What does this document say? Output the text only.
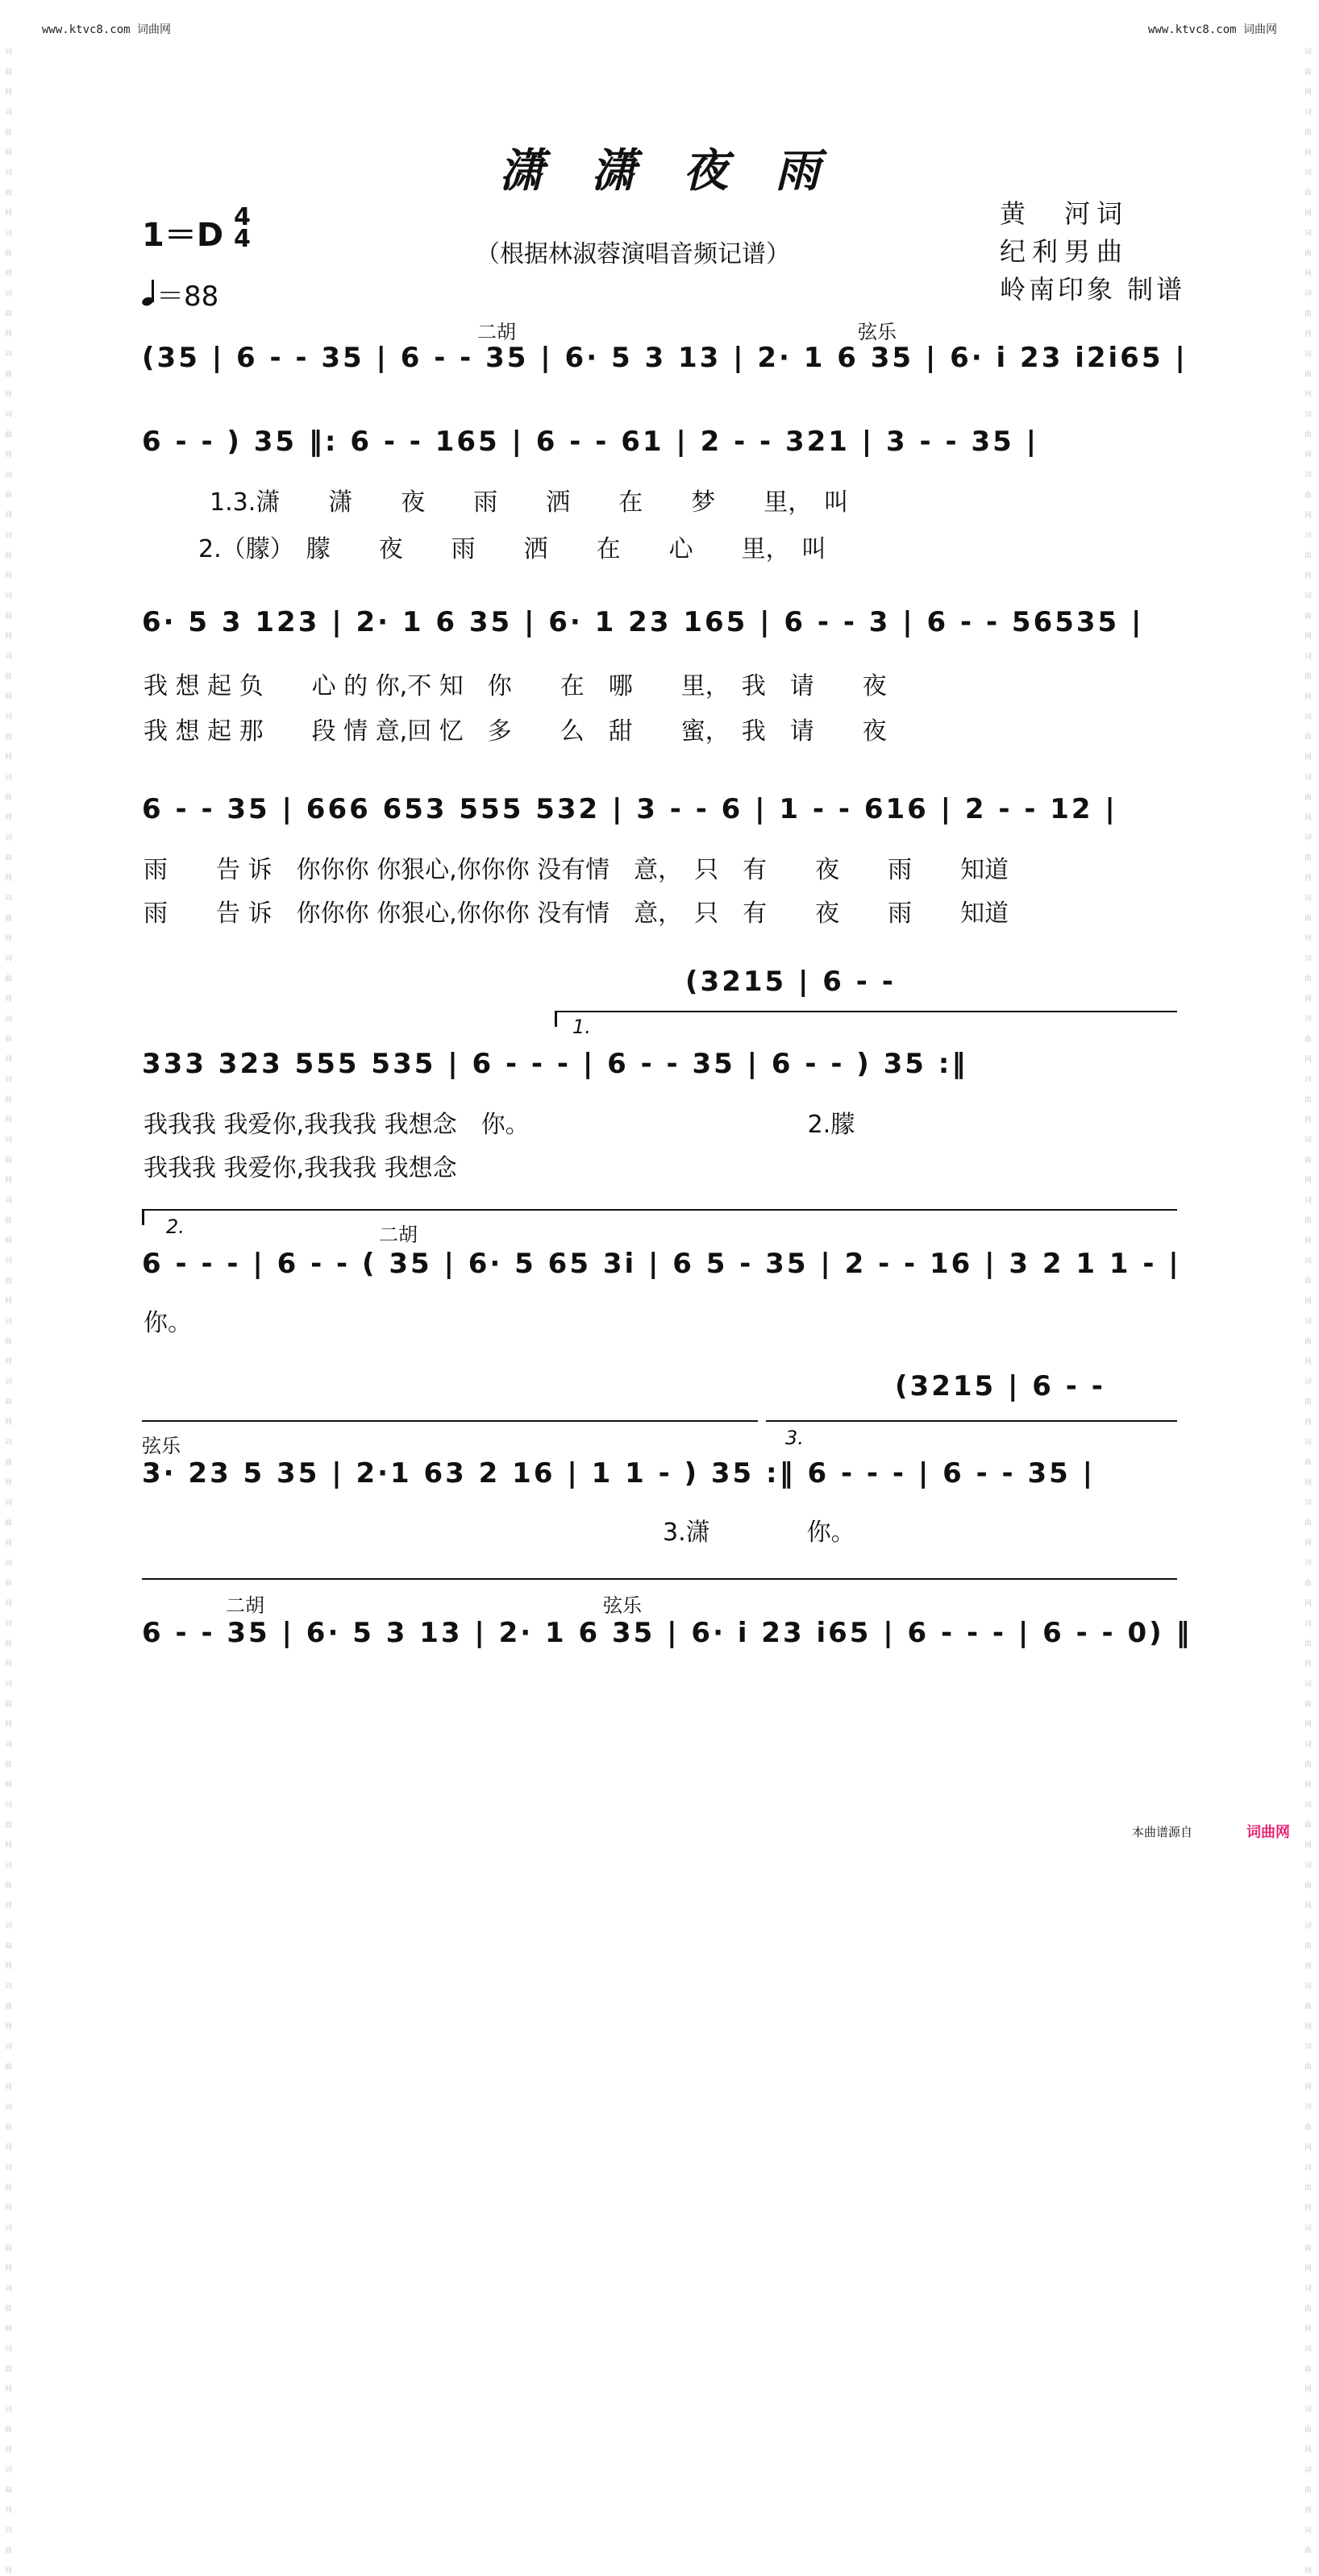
www.ktvc8.com 词曲网	www.ktvc8.com 词曲网
词
曲
网
词
曲
网
词
曲
网
词
曲
网
词
曲
网
词
曲
网
词
曲
网
词
曲
网
词
曲
网
词
曲
网
词
曲
网
词
曲
网
词
曲
网
词
曲
网
词
曲
网
词
曲
网
词
曲
网
词
曲
网
词
曲
网
词
曲
网
词
曲
网
词
曲
网
词
曲
网
词
曲
网
词
曲
网
词
曲
网
词
曲
网
词
曲
网
词
曲
网
词
曲
网
词
曲
网
词
曲
网
词
曲
网
词
曲
网
词
曲
网
词
曲
网
词
曲
网
词
曲
网
词
曲
网
词
曲
网
词
曲
网
词
曲
网
词
曲
网
词
曲
网
词
曲
网
词
曲
网
词
曲
网
词
曲
网
词
曲
网
词
曲
网
词
曲
网
词
曲
网
词
曲
网
词
曲
网
词
曲
网
词
曲
网
词
曲
网
词
曲
网
词
曲
网
词
曲
网
词
曲
网
词
曲
网
词
曲
网
词
曲
网
词
曲
网
词
曲
网
词
曲
网
词
曲
网
词
曲
网
词
曲
网
词
曲
网
词
曲
网
词
曲
网
词
曲
网
词
曲
网
词
曲
网
词
曲
网
词
曲
网
词
曲
网
词
曲
网
词
曲
网
词
曲
网
词
曲
网
词
曲
网
潇潇夜雨
1＝D 4
4
＝88
（根据林淑蓉演唱音频记谱）
黄　河词
纪利男曲
岭南印象 制谱
二胡	弦乐
(35 | 6 - - 35 | 6 - - 35 | 6· 5 3 13 | 2· 1 6 35 | 6· i 23 i2i65 |
6 - - ) 35 ‖: 6 - - 165 | 6 - - 61 | 2 - - 321 | 3 - - 35 |
1.3.潇　　潇　　夜　　雨　　洒　　在　　梦　　里，　叫
2.（朦）　朦　　夜　　雨　　洒　　在　　心　　里，　叫
6· 5 3 123 | 2· 1 6 35 | 6· 1 23 165 | 6 - - 3 | 6 - - 56535 |
我 想 起 负　　心 的 你,不 知　你　　在　哪　　里，　我　请　　夜
我 想 起 那　　段 情 意,回 忆　多　　么　甜　　蜜，　我　请　　夜
6 - - 35 | 666 653 555 532 | 3 - - 6 | 1 - - 616 | 2 - - 12 |
雨　　告 诉　你你你 你狠心,你你你 没有情　意，　只　有　　夜　　雨　　知道
雨　　告 诉　你你你 你狠心,你你你 没有情　意，　只　有　　夜　　雨　　知道
(3215 | 6 - -
1.
333 323 555 535 | 6 - - - | 6 - - 35 | 6 - - ) 35 :‖
我我我 我爱你,我我我 我想念　你。　　　　　　　　　　　　2.朦
我我我 我爱你,我我我 我想念
2.	二胡
6 - - - | 6 - - ( 35 | 6· 5 65 3i | 6 5 - 35 | 2 - - 16 | 3 2 1 1 - |
你。
(3215 | 6 - -
弦乐	3.
3· 23 5 35 | 2·1 63 2 16 | 1 1 - ) 35 :‖ 6 - - - | 6 - - 35 |
3.潇　　　　你。
二胡	弦乐
6 - - 35 | 6· 5 3 13 | 2· 1 6 35 | 6· i 23 i65 | 6 - - - | 6 - - 0) ‖
本曲谱源自	词曲网
